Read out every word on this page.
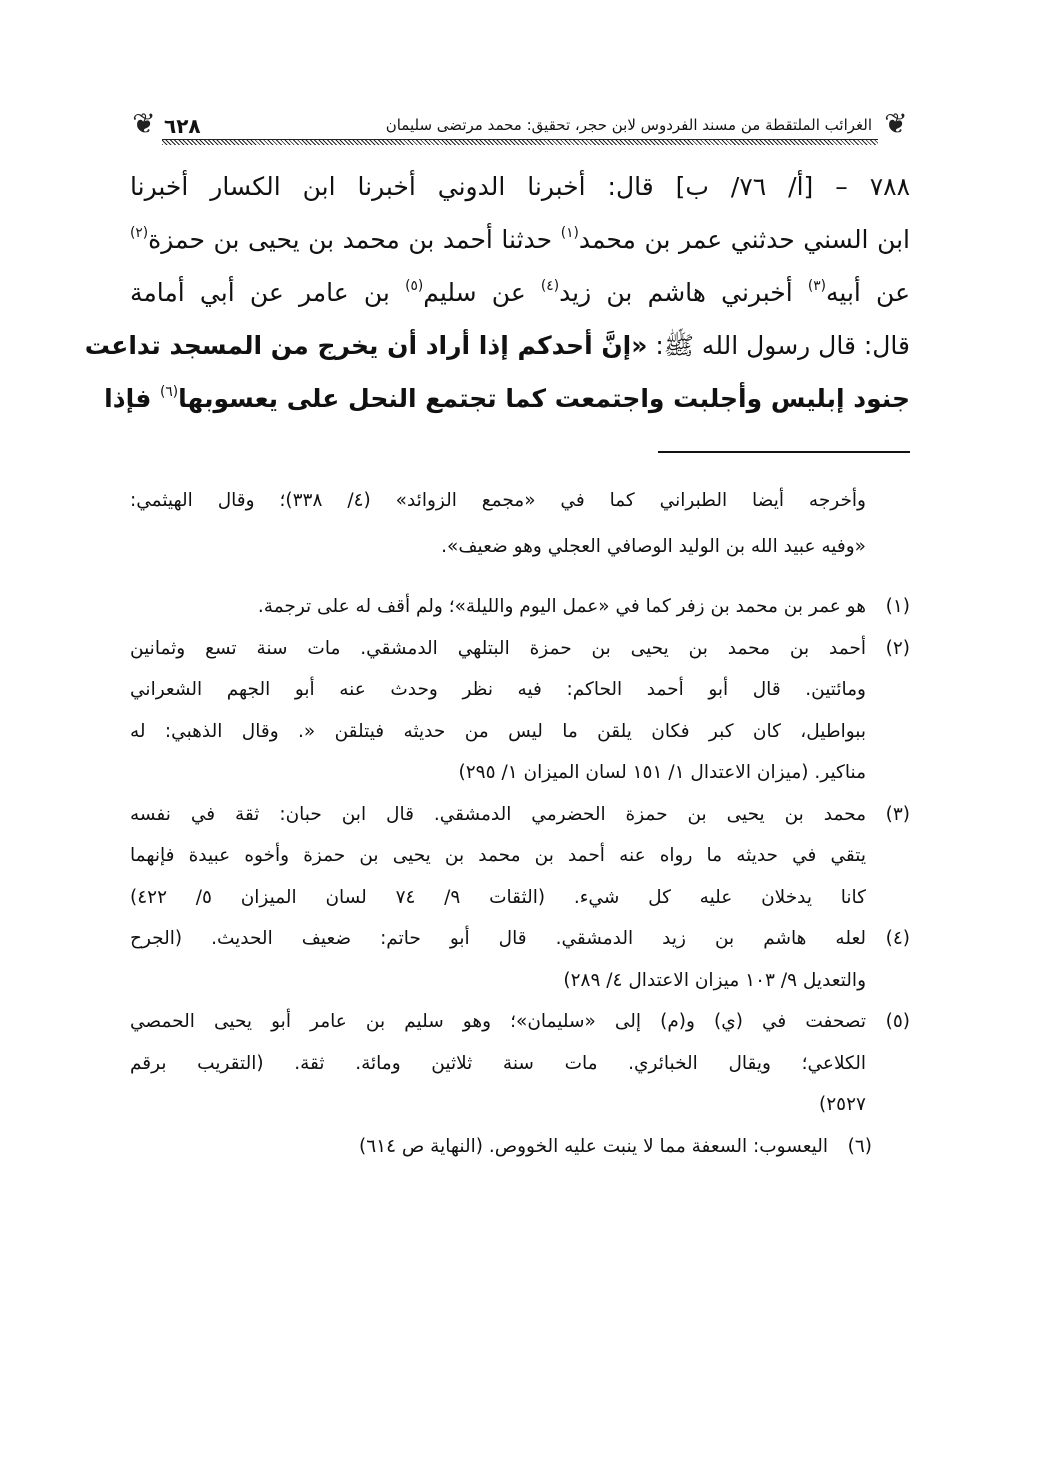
❦ ٦٢٨	الغرائب الملتقطة من مسند الفردوس لابن حجر، تحقيق: محمد مرتضى سليمان ❦
٧٨٨ – [أ/ ٧٦/ ب] قال: أخبرنا الدوني أخبرنا ابن الكسار أخبرنا
ابن السني حدثني عمر بن محمد$^{(١)}$ حدثنا أحمد بن محمد بن يحيى بن حمزة$^{(٢)}$
عن أبيه$^{(٣)}$ أخبرني هاشم بن زيد$^{(٤)}$ عن سليم$^{(٥)}$ بن عامر عن أبي أمامة
قال: قال رسول الله ﷺ: «إنَّ أحدكم إذا أراد أن يخرج من المسجد تداعت
جنود إبليس وأجلبت واجتمعت كما تجتمع النحل على يعسوبها$^{(٦)}$ فإذا
وأخرجه أيضا الطبراني كما في «مجمع الزوائد» (٤/ ٣٣٨)؛ وقال الهيثمي:
«وفيه عبيد الله بن الوليد الوصافي العجلي وهو ضعيف».
(١)
هو عمر بن محمد بن زفر كما في «عمل اليوم والليلة»؛ ولم أقف له على ترجمة.
(٢)
أحمد بن محمد بن يحيى بن حمزة البتلهي الدمشقي. مات سنة تسع وثمانين
ومائتين. قال أبو أحمد الحاكم: فيه نظر وحدث عنه أبو الجهم الشعراني
ببواطيل، كان كبر فكان يلقن ما ليس من حديثه فيتلقن «. وقال الذهبي: له
مناكير. (ميزان الاعتدال ١/ ١٥١ لسان الميزان ١/ ٢٩٥)
(٣)
محمد بن يحيى بن حمزة الحضرمي الدمشقي. قال ابن حبان: ثقة في نفسه
يتقي في حديثه ما رواه عنه أحمد بن محمد بن يحيى بن حمزة وأخوه عبيدة فإنهما
كانا يدخلان عليه كل شيء. (الثقات ٩/ ٧٤ لسان الميزان ٥/ ٤٢٢)
(٤)
لعله هاشم بن زيد الدمشقي. قال أبو حاتم: ضعيف الحديث. (الجرح
والتعديل ٩/ ١٠٣ ميزان الاعتدال ٤/ ٢٨٩)
(٥)
تصحفت في (ي) و(م) إلى «سليمان»؛ وهو سليم بن عامر أبو يحيى الحمصي
الكلاعي؛ ويقال الخبائري. مات سنة ثلاثين ومائة. ثقة. (التقريب برقم
٢٥٢٧)
(٦)
اليعسوب: السعفة مما لا ينبت عليه الخووص. (النهاية ص ٦١٤)
